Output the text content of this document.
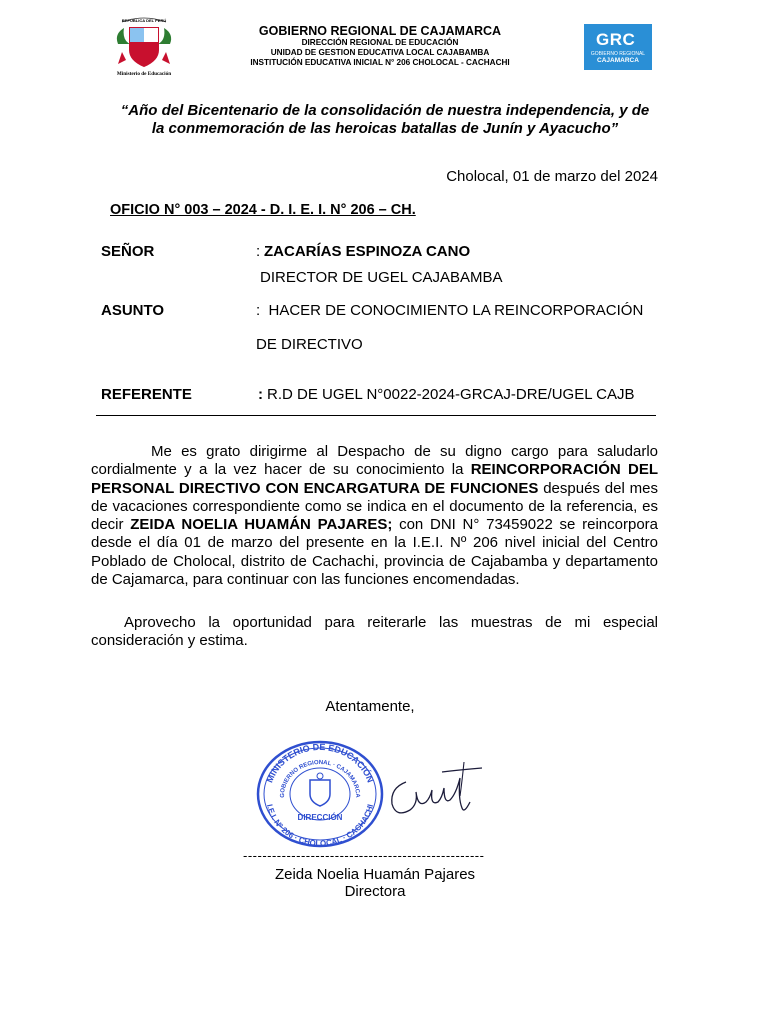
REPÚBLICA DEL PERÚ
Ministerio de Educación
GOBIERNO REGIONAL DE CAJAMARCA
DIRECCIÓN REGIONAL DE EDUCACIÓN
UNIDAD DE GESTION EDUCATIVA LOCAL CAJABAMBA
INSTITUCIÓN EDUCATIVA INICIAL N° 206 CHOLOCAL - CACHACHI
GRC
GOBIERNO REGIONAL
CAJAMARCA
“Año del Bicentenario de la consolidación de nuestra independencia, y de
la conmemoración de las heroicas batallas de Junín y Ayacucho”
Cholocal, 01 de marzo del 2024
OFICIO N° 003 – 2024 - D. I. E. I. N° 206 – CH.
SEÑOR	: ZACARÍAS ESPINOZA CANO
DIRECTOR DE UGEL CAJABAMBA
ASUNTO	:  HACER DE CONOCIMIENTO LA REINCORPORACIÓN
DE DIRECTIVO
REFERENTE	: R.D DE UGEL N°0022-2024-GRCAJ-DRE/UGEL CAJB
Me es grato dirigirme al Despacho de su digno cargo para saludarlo cordialmente y a la vez hacer de su conocimiento la REINCORPORACIÓN DEL PERSONAL DIRECTIVO CON ENCARGATURA DE FUNCIONES después del mes de vacaciones correspondiente como se indica en el documento de la referencia, es decir ZEIDA NOELIA HUAMÁN PAJARES; con DNI N° 73459022 se reincorpora desde el día 01 de marzo del presente en la I.E.I. Nº 206 nivel inicial del Centro Poblado de Cholocal, distrito de Cachachi, provincia de Cajabamba y departamento de Cajamarca, para continuar con las funciones encomendadas.
Aprovecho la oportunidad para reiterarle las muestras de mi especial consideración y estima.
Atentamente,
MINISTERIO DE EDUCACIÓN
GOBIERNO REGIONAL · CAJAMARCA
I.E.I. Nº 206 · CHOLOCAL · CACHACHI
DIRECCIÓN
--------------------------------------------------
Zeida Noelia Huamán Pajares
Directora
